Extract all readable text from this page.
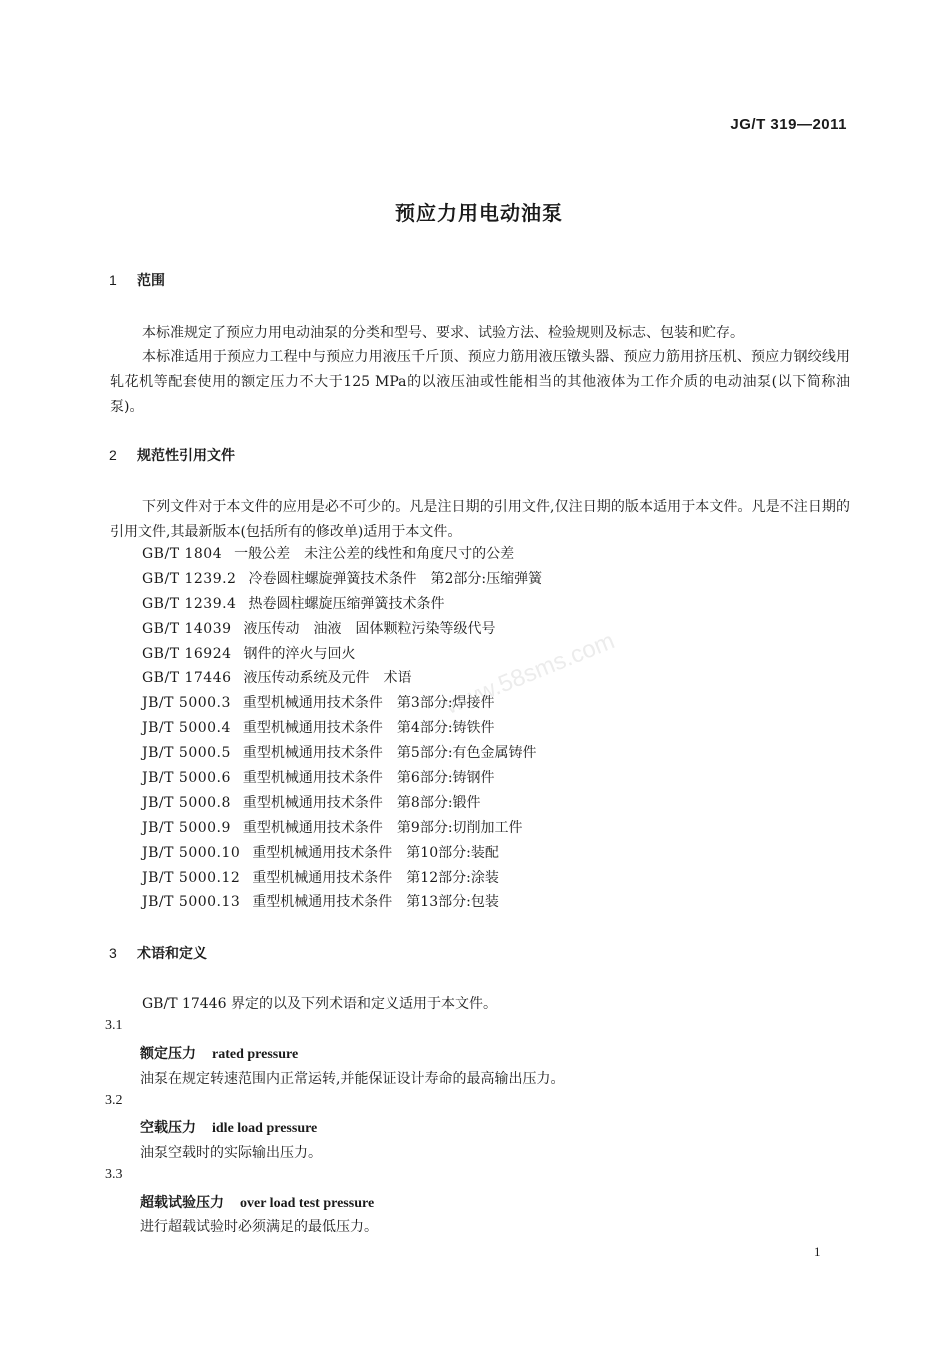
JG/T 319—2011
预应力用电动油泵
1 范围
本标准规定了预应力用电动油泵的分类和型号、要求、试验方法、检验规则及标志、包装和贮存。
本标准适用于预应力工程中与预应力用液压千斤顶、预应力筋用液压镦头器、预应力筋用挤压机、预应力钢绞线用轧花机等配套使用的额定压力不大于125 MPa的以液压油或性能相当的其他液体为工作介质的电动油泵(以下简称油泵)。
2 规范性引用文件
下列文件对于本文件的应用是必不可少的。凡是注日期的引用文件,仅注日期的版本适用于本文件。凡是不注日期的引用文件,其最新版本(包括所有的修改单)适用于本文件。
GB/T 1804 一般公差　未注公差的线性和角度尺寸的公差
GB/T 1239.2 冷卷圆柱螺旋弹簧技术条件　第2部分:压缩弹簧
GB/T 1239.4 热卷圆柱螺旋压缩弹簧技术条件
GB/T 14039 液压传动　油液　固体颗粒污染等级代号
GB/T 16924 钢件的淬火与回火
GB/T 17446 液压传动系统及元件　术语
JB/T 5000.3 重型机械通用技术条件　第3部分:焊接件
JB/T 5000.4 重型机械通用技术条件　第4部分:铸铁件
JB/T 5000.5 重型机械通用技术条件　第5部分:有色金属铸件
JB/T 5000.6 重型机械通用技术条件　第6部分:铸钢件
JB/T 5000.8 重型机械通用技术条件　第8部分:锻件
JB/T 5000.9 重型机械通用技术条件　第9部分:切削加工件
JB/T 5000.10 重型机械通用技术条件　第10部分:装配
JB/T 5000.12 重型机械通用技术条件　第12部分:涂装
JB/T 5000.13 重型机械通用技术条件　第13部分:包装
3 术语和定义
GB/T 17446 界定的以及下列术语和定义适用于本文件。
3.1
额定压力 rated pressure
油泵在规定转速范围内正常运转,并能保证设计寿命的最高输出压力。
3.2
空载压力 idle load pressure
油泵空载时的实际输出压力。
3.3
超载试验压力 over load test pressure
进行超载试验时必须满足的最低压力。
www.58sms.com
1
